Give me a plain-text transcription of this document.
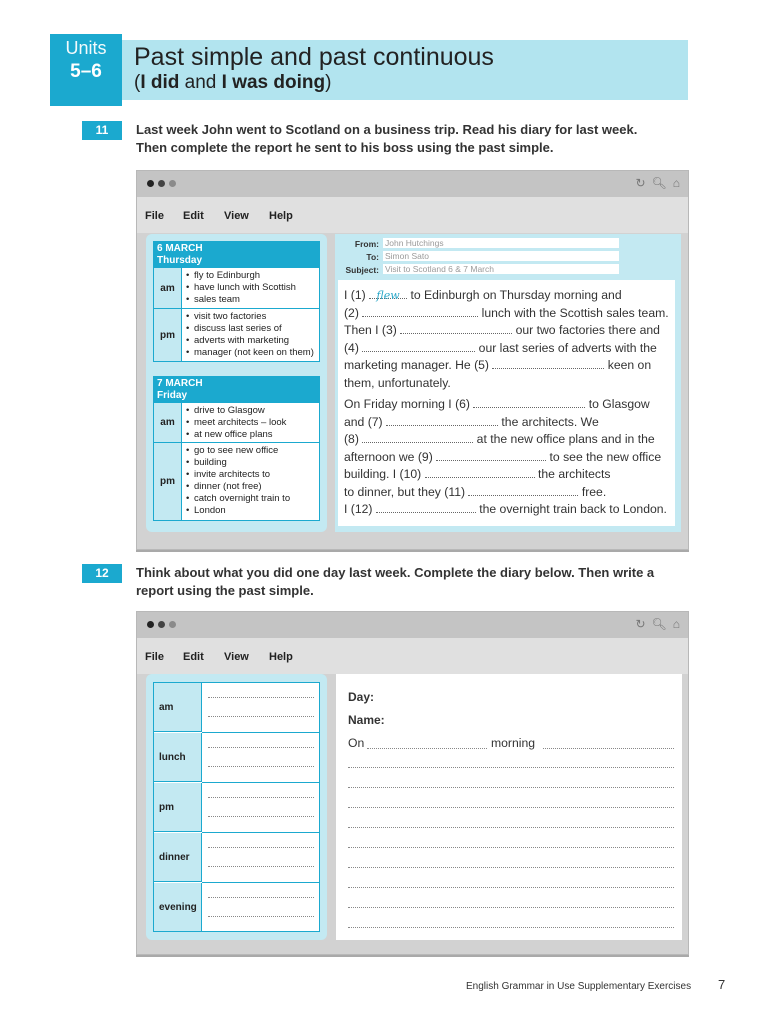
Units
5–6
Past simple and past continuous
(I did and I was doing)
11	Last week John went to Scotland on a business trip. Read his diary for last week.
Then complete the report he sent to his boss using the past simple.
↻ 🔍︎ ⌂
File Edit View Help
6 MARCH
Thursday
am
• fly to Edinburgh
• have lunch with Scottish
• sales team
pm
• visit two factories
• discuss last series of
• adverts with marketing
• manager (not keen on them)
7 MARCH
Friday
am
• drive to Glasgow
• meet architects – look
• at new office plans
pm
• go to see new office
• building
• invite architects to
• dinner (not free)
• catch overnight train to
• London
From: John Hutchings
To: Simon Sato
Subject: Visit to Scotland 6 & 7 March

I (1) flew to Edinburgh on Thursday morning and

(2)	lunch with the Scottish sales team.

Then I (3)	our two factories there and

(4)	our last series of adverts with the

marketing manager. He (5)	keen on

them, unfortunately.

On Friday morning I (6)	to Glasgow

and (7)	the architects. We

(8)	at the new office plans and in the

afternoon we (9)	to see the new office

building. I (10)	the architects

to dinner, but they (11)	free.

I (12)	the overnight train back to London.

12	Think about what you did one day last week. Complete the diary below. Then write a
report using the past simple.
↻ 🔍︎ ⌂
File Edit View Help
am
lunch
pm
dinner
evening
Day:
Name:
On	morning
English Grammar in Use Supplementary Exercises 7
